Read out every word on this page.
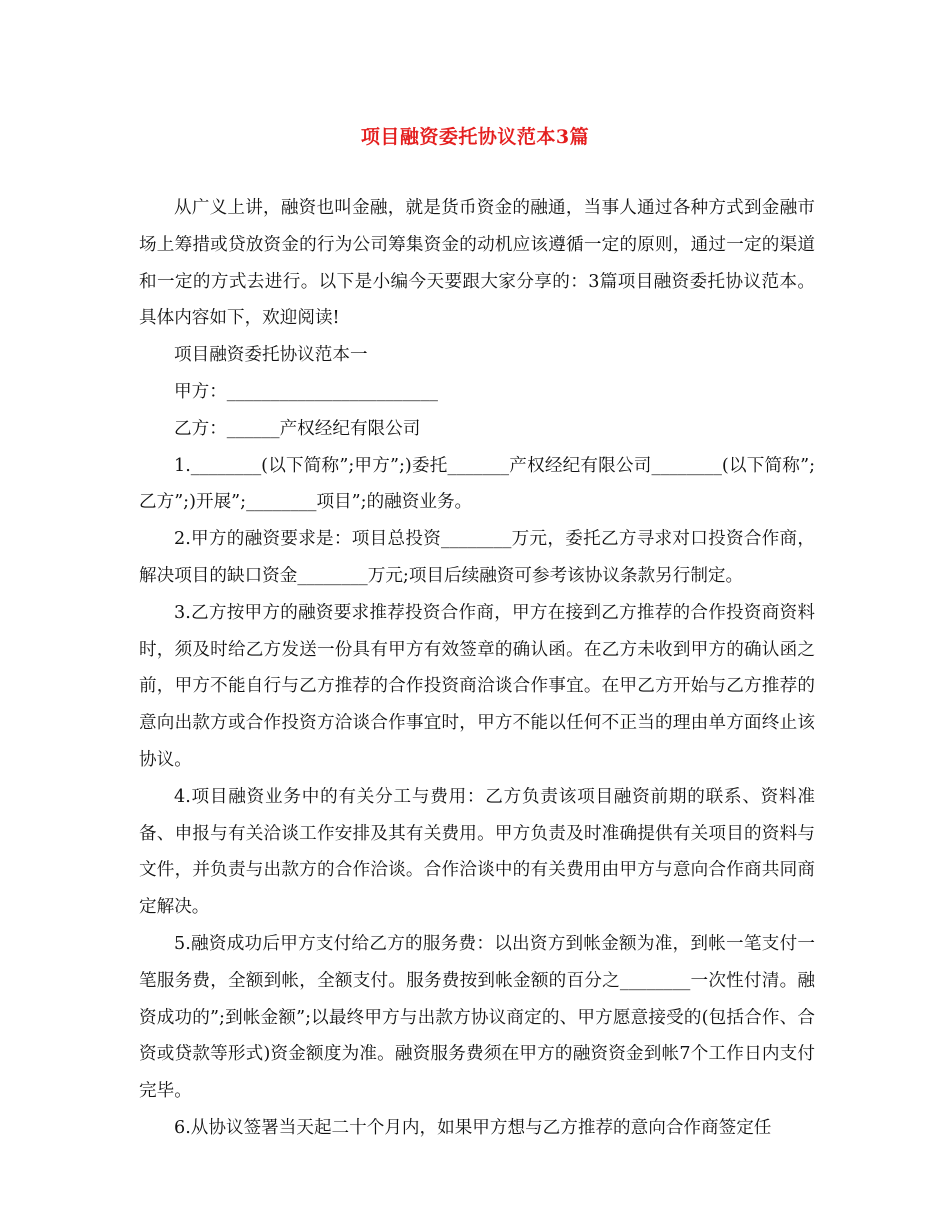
项目融资委托协议范本3篇

从广义上讲，融资也叫金融，就是货币资金的融通，当事人通过各种方式到金融市场上筹措或贷放资金的行为公司筹集资金的动机应该遵循一定的原则，通过一定的渠道和一定的方式去进行。以下是小编今天要跟大家分享的：3篇项目融资委托协议范本。具体内容如下，欢迎阅读!

项目融资委托协议范本一

甲方：________________________

乙方：______产权经纪有限公司

1.________(以下简称”;甲方”;)委托_______产权经纪有限公司________(以下简称”;乙方”;)开展”;________项目”;的融资业务。

2.甲方的融资要求是：项目总投资________万元，委托乙方寻求对口投资合作商，解决项目的缺口资金________万元;项目后续融资可参考该协议条款另行制定。

3.乙方按甲方的融资要求推荐投资合作商，甲方在接到乙方推荐的合作投资商资料时，须及时给乙方发送一份具有甲方有效签章的确认函。在乙方未收到甲方的确认函之前，甲方不能自行与乙方推荐的合作投资商洽谈合作事宜。在甲乙方开始与乙方推荐的意向出款方或合作投资方洽谈合作事宜时，甲方不能以任何不正当的理由单方面终止该协议。

4.项目融资业务中的有关分工与费用：乙方负责该项目融资前期的联系、资料准备、申报与有关洽谈工作安排及其有关费用。甲方负责及时准确提供有关项目的资料与文件，并负责与出款方的合作洽谈。合作洽谈中的有关费用由甲方与意向合作商共同商定解决。

5.融资成功后甲方支付给乙方的服务费：以出资方到帐金额为准，到帐一笔支付一笔服务费，全额到帐，全额支付。服务费按到帐金额的百分之________一次性付清。融资成功的”;到帐金额”;以最终甲方与出款方协议商定的、甲方愿意接受的(包括合作、合资或贷款等形式)资金额度为准。融资服务费须在甲方的融资资金到帐7个工作日内支付完毕。

6.从协议签署当天起二十个月内，如果甲方想与乙方推荐的意向合作商签定任
